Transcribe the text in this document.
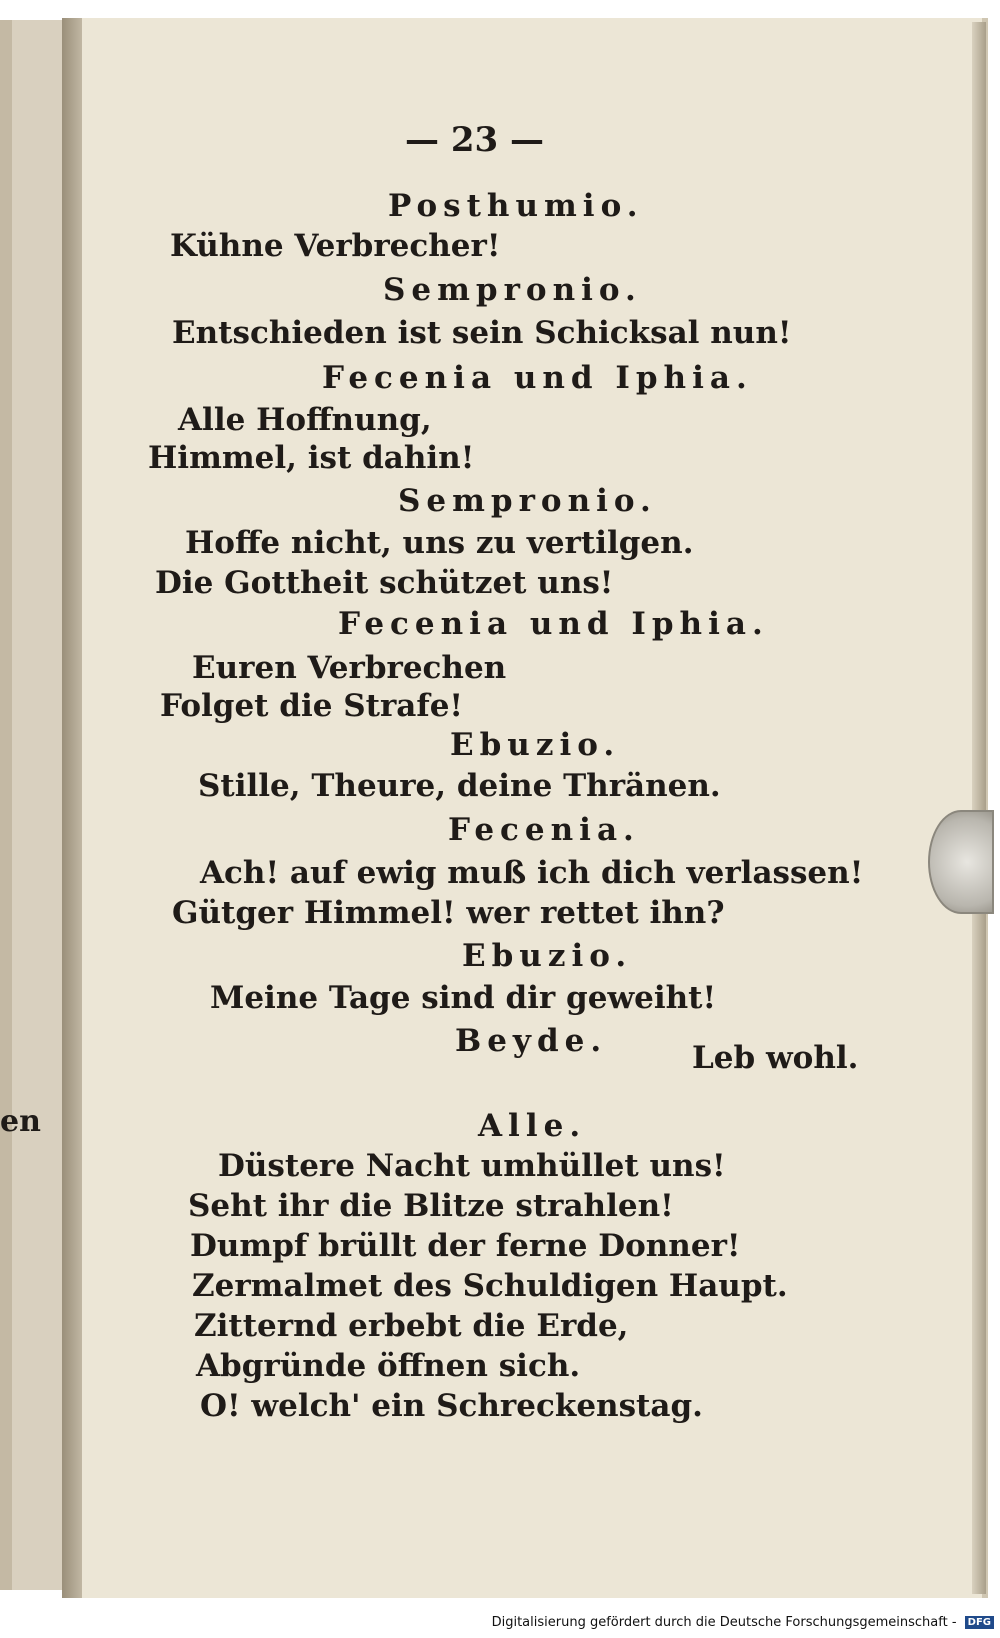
en
— 23 —
Posthumio.
Kühne Verbrecher!
Sempronio.
Entschieden ist sein Schicksal nun!
Fecenia und Iphia.
Alle Hoffnung,
Himmel, ist dahin!
Sempronio.
Hoffe nicht, uns zu vertilgen.
Die Gottheit schützet uns!
Fecenia und Iphia.
Euren Verbrechen
Folget die Strafe!
Ebuzio.
Stille, Theure, deine Thränen.
Fecenia.
Ach! auf ewig muß ich dich verlassen!
Gütger Himmel! wer rettet ihn?
Ebuzio.
Meine Tage sind dir geweiht!
Beyde.	Leb wohl.
Alle.
Düstere Nacht umhüllet uns!
Seht ihr die Blitze strahlen!
Dumpf brüllt der ferne Donner!
Zermalmet des Schuldigen Haupt.
Zitternd erbebt die Erde,
Abgründe öffnen sich.
O! welch' ein Schreckenstag.
Digitalisierung gefördert durch die Deutsche Forschungsgemeinschaft - DFG
